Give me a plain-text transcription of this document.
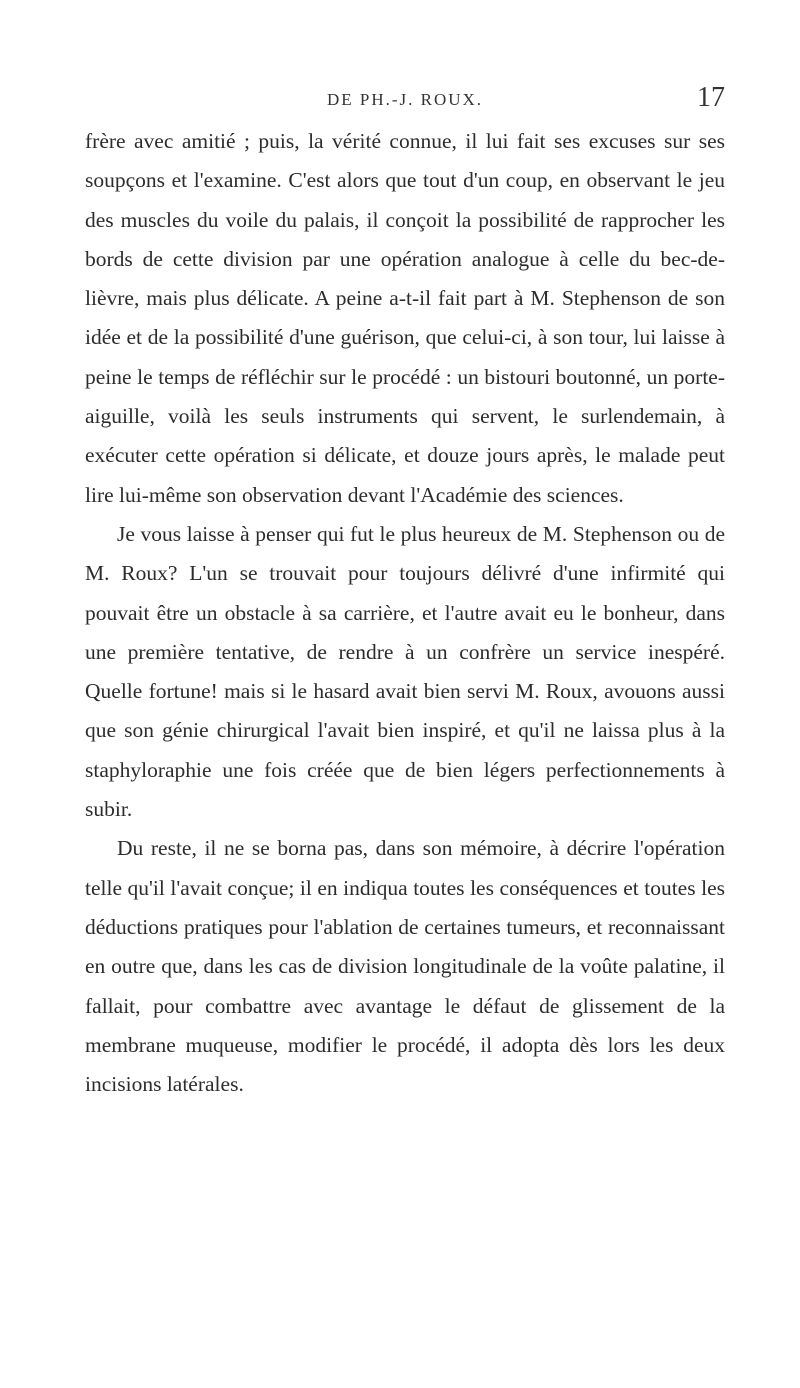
DE PH.-J. ROUX.	17

frère avec amitié ; puis, la vérité connue, il lui fait ses excuses sur ses soupçons et l'examine. C'est alors que tout d'un coup, en observant le jeu des muscles du voile du palais, il conçoit la possibilité de rapprocher les bords de cette division par une opération analogue à celle du bec-de-lièvre, mais plus délicate. A peine a-t-il fait part à M. Stephenson de son idée et de la possibilité d'une guérison, que celui-ci, à son tour, lui laisse à peine le temps de réfléchir sur le procédé : un bistouri boutonné, un porte-aiguille, voilà les seuls instruments qui servent, le surlendemain, à exécuter cette opération si délicate, et douze jours après, le malade peut lire lui-même son observation devant l'Académie des sciences.

Je vous laisse à penser qui fut le plus heureux de M. Stephenson ou de M. Roux? L'un se trouvait pour toujours délivré d'une infirmité qui pouvait être un obstacle à sa carrière, et l'autre avait eu le bonheur, dans une première tentative, de rendre à un confrère un service inespéré. Quelle fortune! mais si le hasard avait bien servi M. Roux, avouons aussi que son génie chirurgical l'avait bien inspiré, et qu'il ne laissa plus à la staphyloraphie une fois créée que de bien légers perfectionnements à subir.

Du reste, il ne se borna pas, dans son mémoire, à décrire l'opération telle qu'il l'avait conçue; il en indiqua toutes les conséquences et toutes les déductions pratiques pour l'ablation de certaines tumeurs, et reconnaissant en outre que, dans les cas de division longitudinale de la voûte palatine, il fallait, pour combattre avec avantage le défaut de glissement de la membrane muqueuse, modifier le procédé, il adopta dès lors les deux incisions latérales.
